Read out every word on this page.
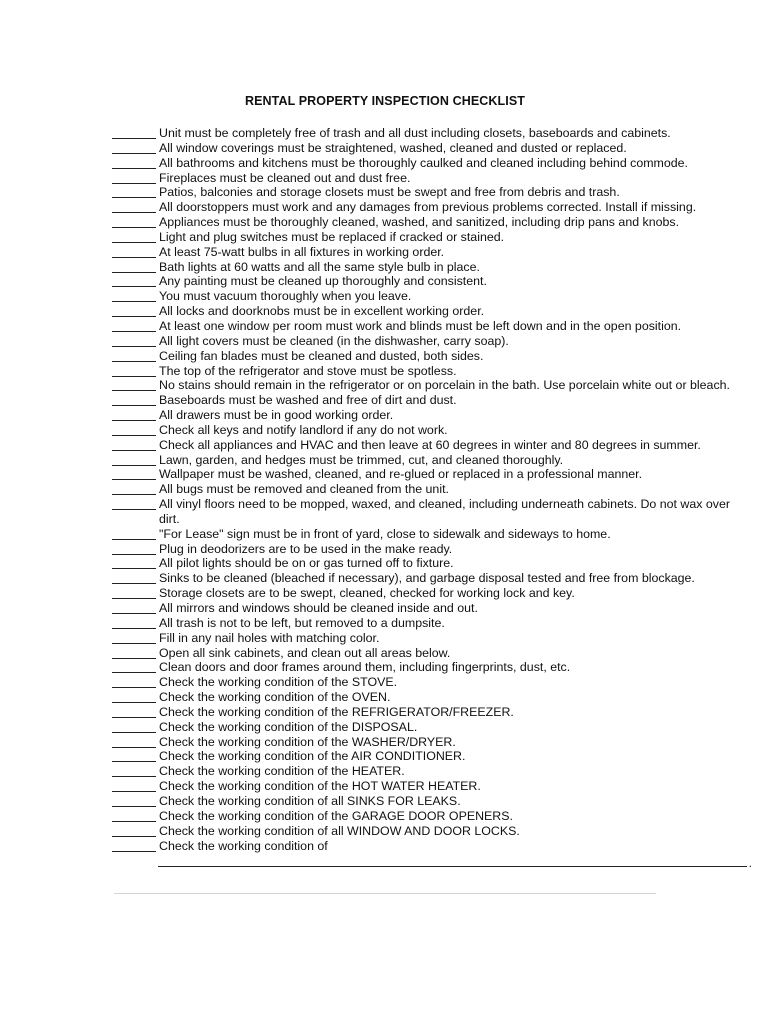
RENTAL PROPERTY INSPECTION CHECKLIST
Unit must be completely free of trash and all dust including closets, baseboards and cabinets.
All window coverings must be straightened, washed, cleaned and dusted or replaced.
All bathrooms and kitchens must be thoroughly caulked and cleaned including behind commode.
Fireplaces must be cleaned out and dust free.
Patios, balconies and storage closets must be swept and free from debris and trash.
All doorstoppers must work and any damages from previous problems corrected. Install if missing.
Appliances must be thoroughly cleaned, washed, and sanitized, including drip pans and knobs.
Light and plug switches must be replaced if cracked or stained.
At least 75-watt bulbs in all fixtures in working order.
Bath lights at 60 watts and all the same style bulb in place.
Any painting must be cleaned up thoroughly and consistent.
You must vacuum thoroughly when you leave.
All locks and doorknobs must be in excellent working order.
At least one window per room must work and blinds must be left down and in the open position.
All light covers must be cleaned (in the dishwasher, carry soap).
Ceiling fan blades must be cleaned and dusted, both sides.
The top of the refrigerator and stove must be spotless.
No stains should remain in the refrigerator or on porcelain in the bath. Use porcelain white out or bleach.
Baseboards must be washed and free of dirt and dust.
All drawers must be in good working order.
Check all keys and notify landlord if any do not work.
Check all appliances and HVAC and then leave at 60 degrees in winter and 80 degrees in summer.
Lawn, garden, and hedges must be trimmed, cut, and cleaned thoroughly.
Wallpaper must be washed, cleaned, and re-glued or replaced in a professional manner.
All bugs must be removed and cleaned from the unit.
All vinyl floors need to be mopped, waxed, and cleaned, including underneath cabinets. Do not wax over dirt.
"For Lease" sign must be in front of yard, close to sidewalk and sideways to home.
Plug in deodorizers are to be used in the make ready.
All pilot lights should be on or gas turned off to fixture.
Sinks to be cleaned (bleached if necessary), and garbage disposal tested and free from blockage.
Storage closets are to be swept, cleaned, checked for working lock and key.
All mirrors and windows should be cleaned inside and out.
All trash is not to be left, but removed to a dumpsite.
Fill in any nail holes with matching color.
Open all sink cabinets, and clean out all areas below.
Clean doors and door frames around them, including fingerprints, dust, etc.
Check the working condition of the STOVE.
Check the working condition of the OVEN.
Check the working condition of the REFRIGERATOR/FREEZER.
Check the working condition of the DISPOSAL.
Check the working condition of the WASHER/DRYER.
Check the working condition of the AIR CONDITIONER.
Check the working condition of the HEATER.
Check the working condition of the HOT WATER HEATER.
Check the working condition of all SINKS FOR LEAKS.
Check the working condition of the GARAGE DOOR OPENERS.
Check the working condition of all WINDOW AND DOOR LOCKS.
Check the working condition of
.
